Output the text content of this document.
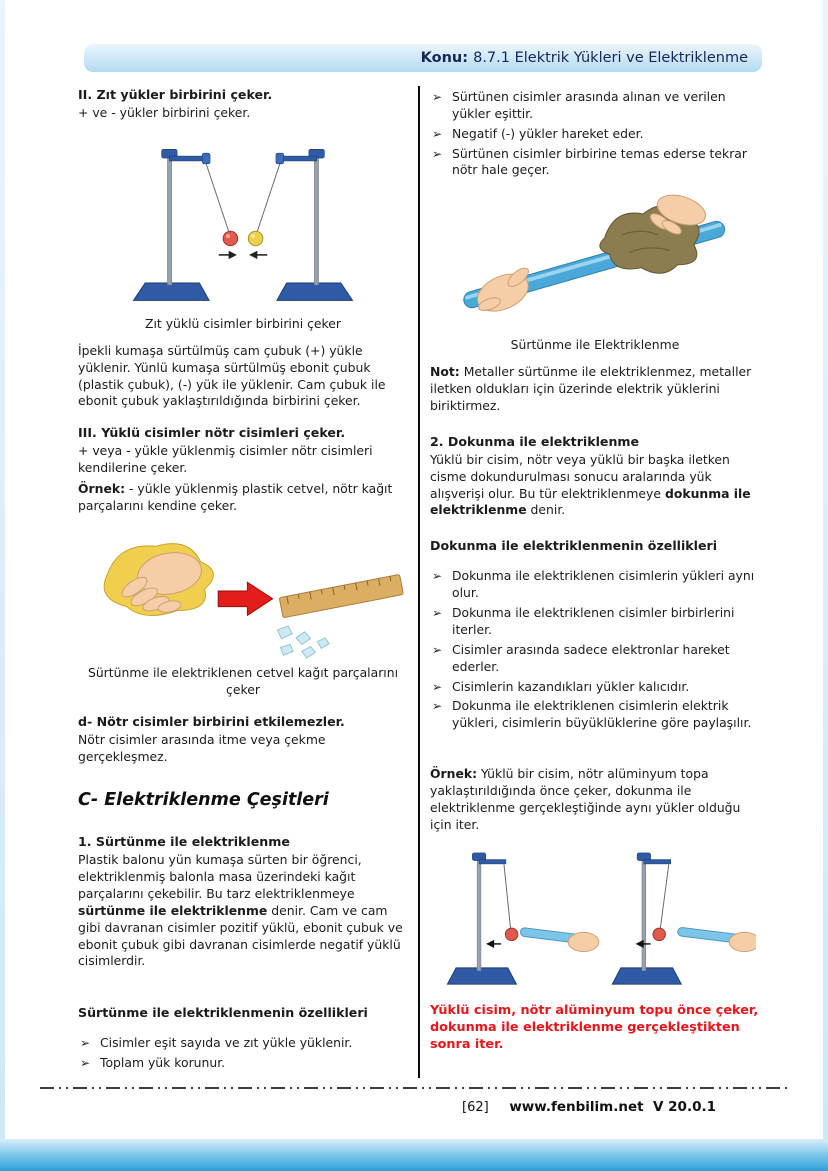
Konu: 8.7.1 Elektrik Yükleri ve Elektriklenme
II. Zıt yükler birbirini çeker.

+ ve - yükler birbirini çeker.

Zıt yüklü cisimler birbirini çeker

İpekli kumaşa sürtülmüş cam çubuk (+) yükle yüklenir. Yünlü kumaşa sürtülmüş ebonit çubuk (plastik çubuk), (-) yük ile yüklenir. Cam çubuk ile ebonit çubuk yaklaştırıldığında birbirini çeker.

III. Yüklü cisimler nötr cisimleri çeker.

+ veya - yükle yüklenmiş cisimler nötr cisimleri kendilerine çeker.

Örnek: - yükle yüklenmiş plastik cetvel, nötr kağıt parçalarını kendine çeker.

Sürtünme ile elektriklenen cetvel kağıt parçalarını çeker
d- Nötr cisimler birbirini etkilemezler.

Nötr cisimler arasında itme veya çekme gerçekleşmez.

C- Elektriklenme Çeşitleri
1. Sürtünme ile elektriklenme

Plastik balonu yün kumaşa sürten bir öğrenci, elektriklenmiş balonla masa üzerindeki kağıt parçalarını çekebilir. Bu tarz elektriklenmeye sürtünme ile elektriklenme denir. Cam ve cam gibi davranan cisimler pozitif yüklü, ebonit çubuk ve ebonit çubuk gibi davranan cisimlerde negatif yüklü cisimlerdir.

Sürtünme ile elektriklenmenin özellikleri
➢ Cisimler eşit sayıda ve zıt yükle yüklenir.
➢ Toplam yük korunur.
➢ Sürtünen cisimler arasında alınan ve verilen yükler eşittir.
➢ Negatif (-) yükler hareket eder.
➢ Sürtünen cisimler birbirine temas ederse tekrar nötr hale geçer.
Sürtünme ile Elektriklenme

Not: Metaller sürtünme ile elektriklenmez, metaller iletken oldukları için üzerinde elektrik yüklerini biriktirmez.

2. Dokunma ile elektriklenme

Yüklü bir cisim, nötr veya yüklü bir başka iletken cisme dokundurulması sonucu aralarında yük alışverişi olur. Bu tür elektriklenmeye dokunma ile elektriklenme denir.

Dokunma ile elektriklenmenin özellikleri
➢ Dokunma ile elektriklenen cisimlerin yükleri aynı olur.
➢ Dokunma ile elektriklenen cisimler birbirlerini iterler.
➢ Cisimler arasında sadece elektronlar hareket ederler.
➢ Cisimlerin kazandıkları yükler kalıcıdır.
➢ Dokunma ile elektriklenen cisimlerin elektrik yükleri, cisimlerin büyüklüklerine göre paylaşılır.

Örnek: Yüklü bir cisim, nötr alüminyum topa yaklaştırıldığında önce çeker, dokunma ile elektriklenme gerçekleştiğinde aynı yükler olduğu için iter.

Yüklü cisim, nötr alüminyum topu önce çeker, dokunma ile elektriklenme gerçekleştikten sonra iter.
[62] www.fenbilim.net V 20.0.1
